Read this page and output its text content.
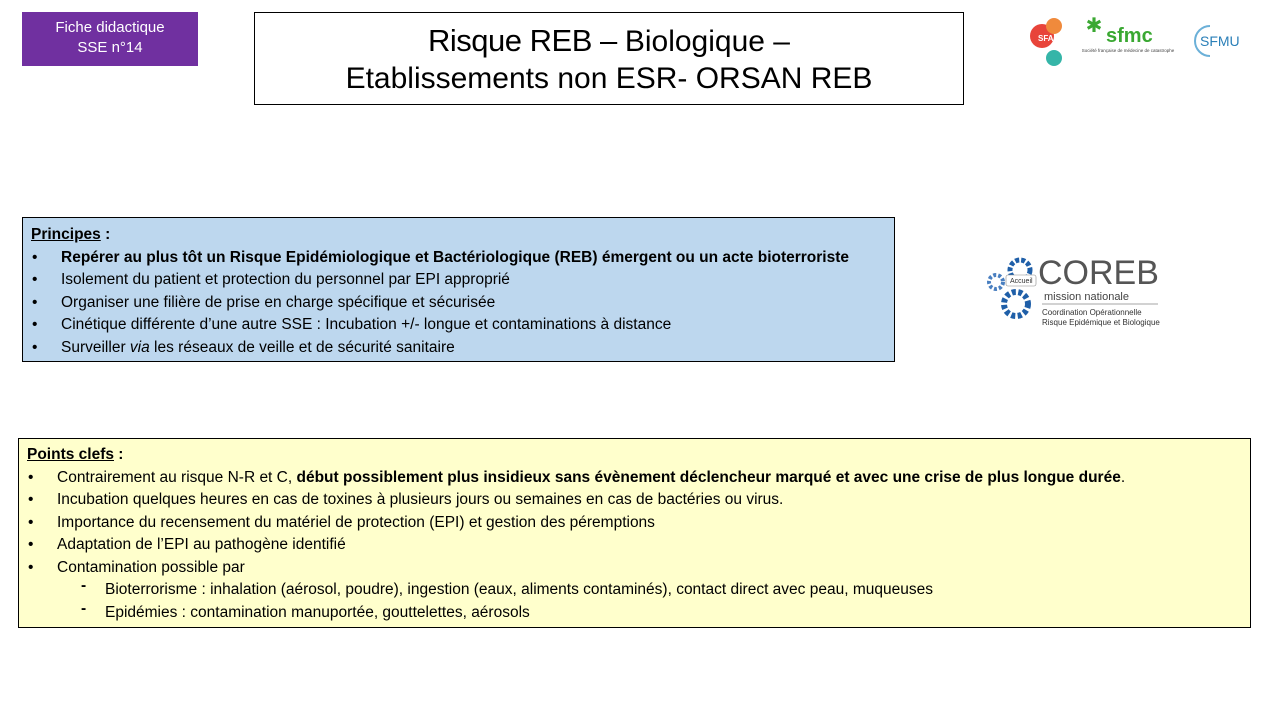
Fiche didactique
SSE n°14	Risque REB – Biologique –
Etablissements non ESR- ORSAN REB
SFAR
✱ sfmc
Société française de médecine de catastrophe
SFMU
Principes :
• Repérer au plus tôt un Risque Epidémiologique et Bactériologique (REB) émergent ou un acte bioterroriste
• Isolement du patient et protection du personnel par EPI approprié
• Organiser une filière de prise en charge spécifique et sécurisée
• Cinétique différente d’une autre SSE : Incubation +/- longue et contaminations à distance
• Surveiller via les réseaux de veille et de sécurité sanitaire
Accueil COREB
mission nationale
Coordination Opérationnelle
Risque Epidémique et Biologique
Points clefs :
• Contrairement au risque N-R et C, début possiblement plus insidieux sans évènement déclencheur marqué et avec une crise de plus longue durée.
• Incubation quelques heures en cas de toxines à plusieurs jours ou semaines en cas de bactéries ou virus.
• Importance du recensement du matériel de protection (EPI) et gestion des péremptions
• Adaptation de l’EPI au pathogène identifié
• Contamination possible par
- Bioterrorisme : inhalation (aérosol, poudre), ingestion (eaux, aliments contaminés), contact direct avec peau, muqueuses
- Epidémies : contamination manuportée, gouttelettes, aérosols
